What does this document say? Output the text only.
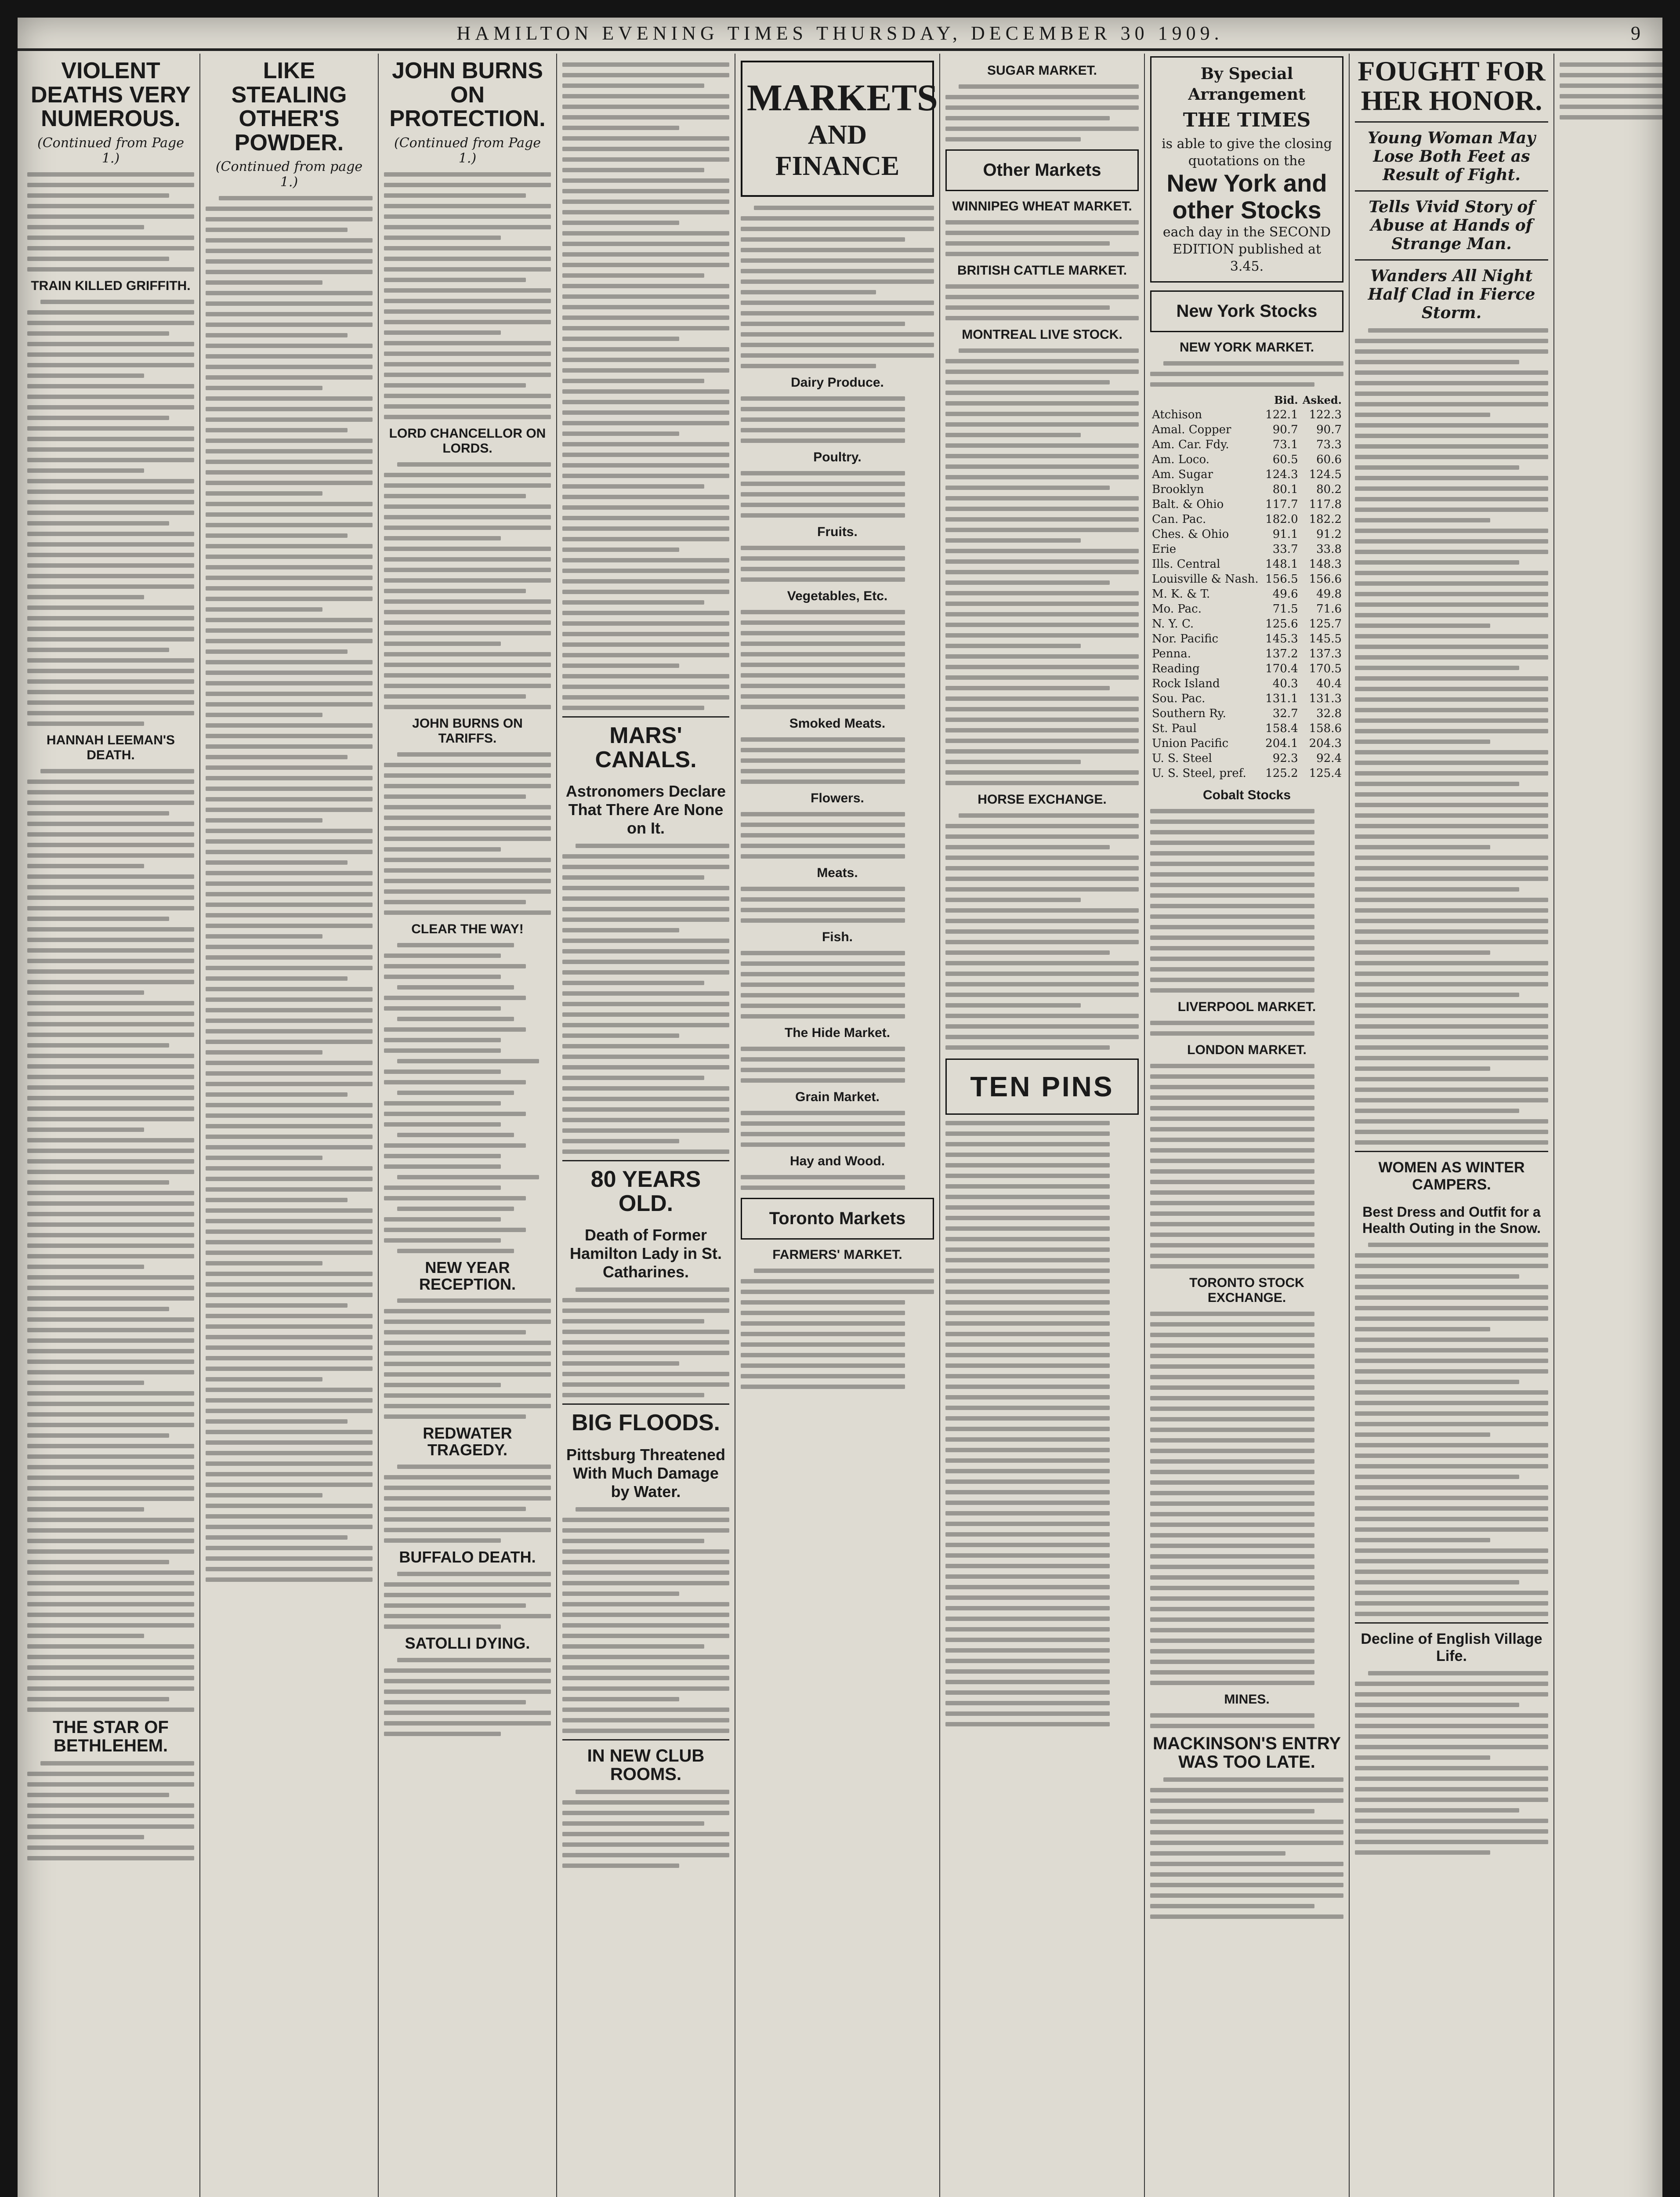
HAMILTON EVENING TIMES THURSDAY, DECEMBER 30 1909.	9
VIOLENT DEATHS VERY NUMEROUS.
(Continued from Page 1.)
TRAIN KILLED GRIFFITH.
HANNAH LEEMAN'S DEATH.
THE STAR OF BETHLEHEM.
LIKE STEALING OTHER'S POWDER.
(Continued from page 1.)
JOHN BURNS ON PROTECTION.
(Continued from Page 1.)
LORD CHANCELLOR ON LORDS.
JOHN BURNS ON TARIFFS.
CLEAR THE WAY!
NEW YEAR RECEPTION.
REDWATER TRAGEDY.
BUFFALO DEATH.
SATOLLI DYING.
MARS' CANALS.
Astronomers Declare That There Are None on It.
80 YEARS OLD.
Death of Former Hamilton Lady in St. Catharines.
BIG FLOODS.
Pittsburg Threatened With Much Damage by Water.
IN NEW CLUB ROOMS.
MARKETS
AND FINANCE
Dairy Produce.
Poultry.
Fruits.
Vegetables, Etc.
Smoked Meats.
Flowers.
Meats.
Fish.
The Hide Market.
Grain Market.
Hay and Wood.
Toronto Markets
FARMERS' MARKET.
SUGAR MARKET.
Other Markets
WINNIPEG WHEAT MARKET.
BRITISH CATTLE MARKET.
MONTREAL LIVE STOCK.
HORSE EXCHANGE.
TEN PINS
By Special Arrangement
THE TIMES
is able to give the closing quotations on the
New York and other Stocks
each day in the SECOND EDITION published at 3.45.
New York Stocks
NEW YORK MARKET.
	Bid.	Asked.
Atchison	122.1	122.3
Amal. Copper	90.7	90.7
Am. Car. Fdy.	73.1	73.3
Am. Loco.	60.5	60.6
Am. Sugar	124.3	124.5
Brooklyn	80.1	80.2
Balt. & Ohio	117.7	117.8
Can. Pac.	182.0	182.2
Ches. & Ohio	91.1	91.2
Erie	33.7	33.8
Ills. Central	148.1	148.3
Louisville & Nash.	156.5	156.6
M. K. & T.	49.6	49.8
Mo. Pac.	71.5	71.6
N. Y. C.	125.6	125.7
Nor. Pacific	145.3	145.5
Penna.	137.2	137.3
Reading	170.4	170.5
Rock Island	40.3	40.4
Sou. Pac.	131.1	131.3
Southern Ry.	32.7	32.8
St. Paul	158.4	158.6
Union Pacific	204.1	204.3
U. S. Steel	92.3	92.4
U. S. Steel, pref.	125.2	125.4
Cobalt Stocks
LIVERPOOL MARKET.
LONDON MARKET.
TORONTO STOCK EXCHANGE.
MINES.
MACKINSON'S ENTRY WAS TOO LATE.
FOUGHT FOR HER HONOR.
Young Woman May Lose Both Feet as Result of Fight.
Tells Vivid Story of Abuse at Hands of Strange Man.
Wanders All Night Half Clad in Fierce Storm.
WOMEN AS WINTER CAMPERS.
Best Dress and Outfit for a Health Outing in the Snow.
Decline of English Village Life.
